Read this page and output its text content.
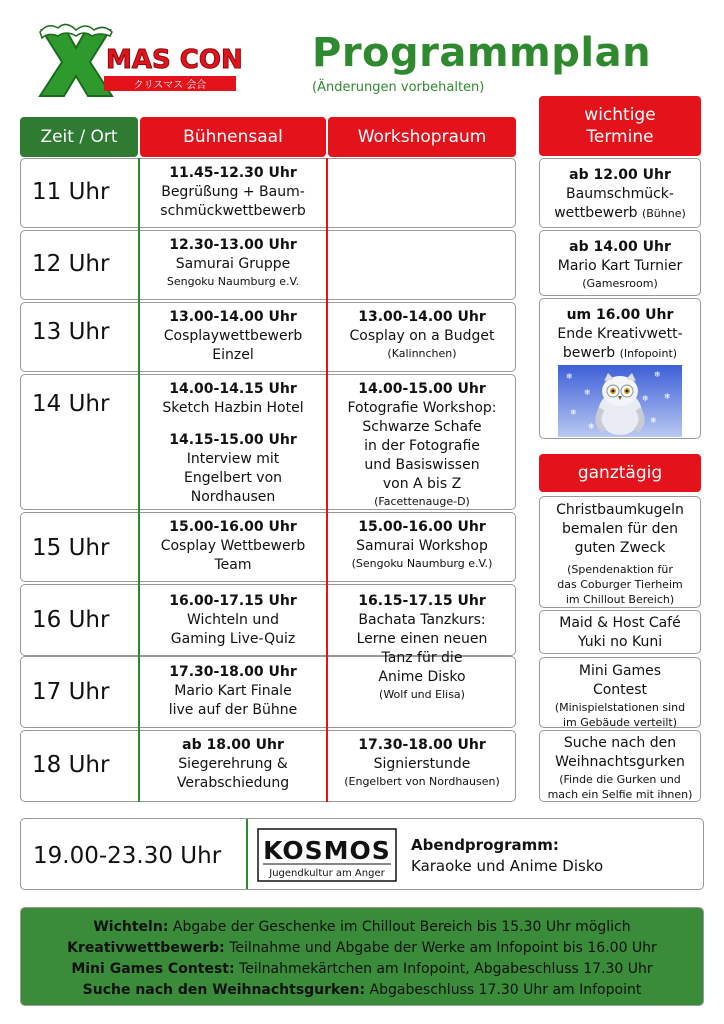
MAS CON
クリスマス 会合
Programmplan
(Änderungen vorbehalten)
Zeit / Ort	Bühnensaal	Workshopraum
11 Uhr
12 Uhr
13 Uhr
14 Uhr
15 Uhr
16 Uhr
17 Uhr
18 Uhr
11.45-12.30 Uhr
Begrüßung + Baum-
schmückwettbewerb
12.30-13.00 Uhr
Samurai Gruppe
Sengoku Naumburg e.V.
13.00-14.00 Uhr
Cosplaywettbewerb
Einzel
14.00-14.15 Uhr
Sketch Hazbin Hotel
14.15-15.00 Uhr
Interview mit
Engelbert von
Nordhausen
15.00-16.00 Uhr
Cosplay Wettbewerb
Team
16.00-17.15 Uhr
Wichteln und
Gaming Live-Quiz
17.30-18.00 Uhr
Mario Kart Finale
live auf der Bühne
ab 18.00 Uhr
Siegerehrung &
Verabschiedung
13.00-14.00 Uhr
Cosplay on a Budget
(Kalinnchen)
14.00-15.00 Uhr
Fotografie Workshop:
Schwarze Schafe
in der Fotografie
und Basiswissen
von A bis Z
(Facettenauge-D)
15.00-16.00 Uhr
Samurai Workshop
(Sengoku Naumburg e.V.)
16.15-17.15 Uhr
Bachata Tanzkurs:
Lerne einen neuen
Tanz für die
Anime Disko
(Wolf und Elisa)
17.30-18.00 Uhr
Signierstunde
(Engelbert von Nordhausen)
wichtige
Termine
ab 12.00 Uhr
Baumschmück-
wettbewerb (Bühne)
ab 14.00 Uhr
Mario Kart Turnier
(Gamesroom)
um 16.00 Uhr
Ende Kreativwett-
bewerb (Infopoint)
❄
❄
❄
❄
❄
❄
❄
❄
ganztägig
Christbaumkugeln
bemalen für den
guten Zweck
(Spendenaktion für
das Coburger Tierheim
im Chillout Bereich)
Maid & Host Café
Yuki no Kuni
Mini Games
Contest
(Minispielstationen sind
im Gebäude verteilt)
Suche nach den
Weihnachtsgurken
(Finde die Gurken und
mach ein Selfie mit ihnen)
19.00-23.30 Uhr KOSMOS
Jugendkultur am Anger
Abendprogramm:
Karaoke und Anime Disko
Wichteln: Abgabe der Geschenke im Chillout Bereich bis 15.30 Uhr möglich
Kreativwettbewerb: Teilnahme und Abgabe der Werke am Infopoint bis 16.00 Uhr
Mini Games Contest: Teilnahmekärtchen am Infopoint, Abgabeschluss 17.30 Uhr
Suche nach den Weihnachtsgurken: Abgabeschluss 17.30 Uhr am Infopoint
